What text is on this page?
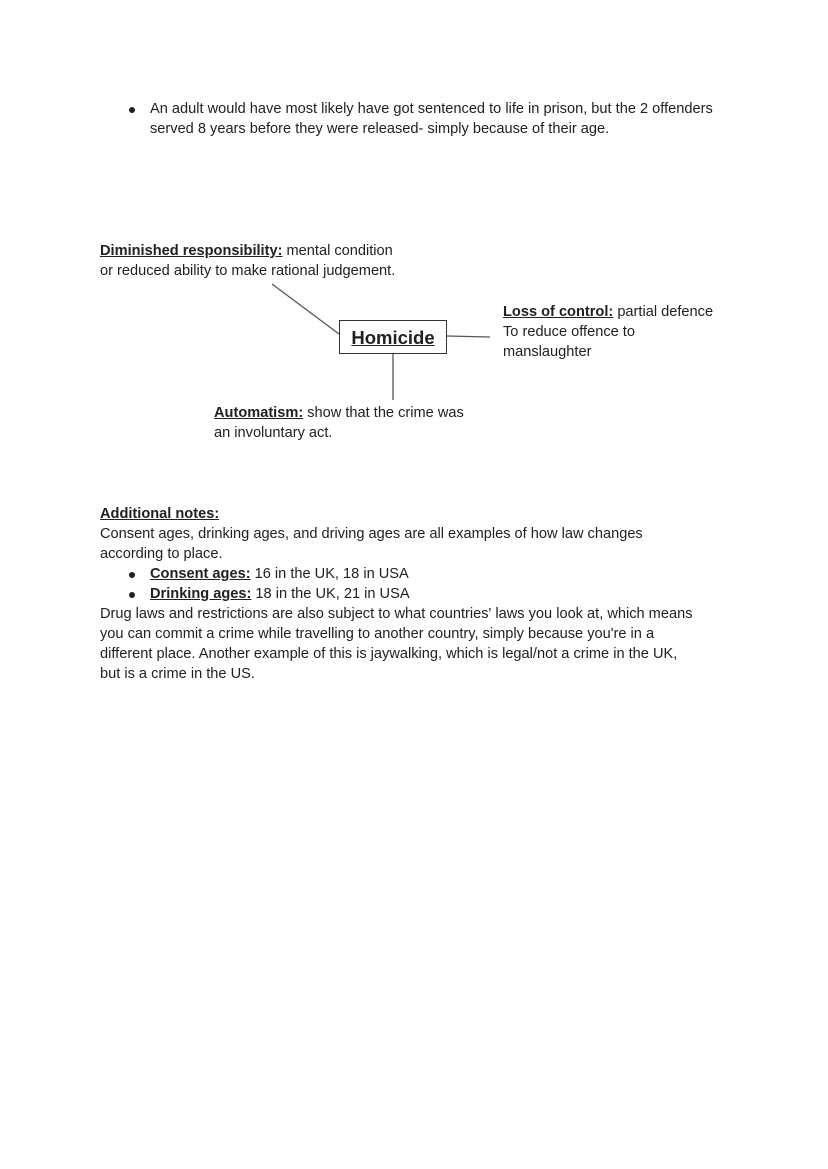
An adult would have most likely have got sentenced to life in prison, but the 2 offenders served 8 years before they were released- simply because of their age.
Diminished responsibility: mental condition
or reduced ability to make rational judgement.
Homicide
Loss of control: partial defence
To reduce offence to
manslaughter
Automatism: show that the crime was
an involuntary act.
Additional notes:
Consent ages, drinking ages, and driving ages are all examples of how law changes
according to place.
Consent ages: 16 in the UK, 18 in USA
Drinking ages: 18 in the UK, 21 in USA
Drug laws and restrictions are also subject to what countries' laws you look at, which means
you can commit a crime while travelling to another country, simply because you're in a
different place. Another example of this is jaywalking, which is legal/not a crime in the UK,
but is a crime in the US.
